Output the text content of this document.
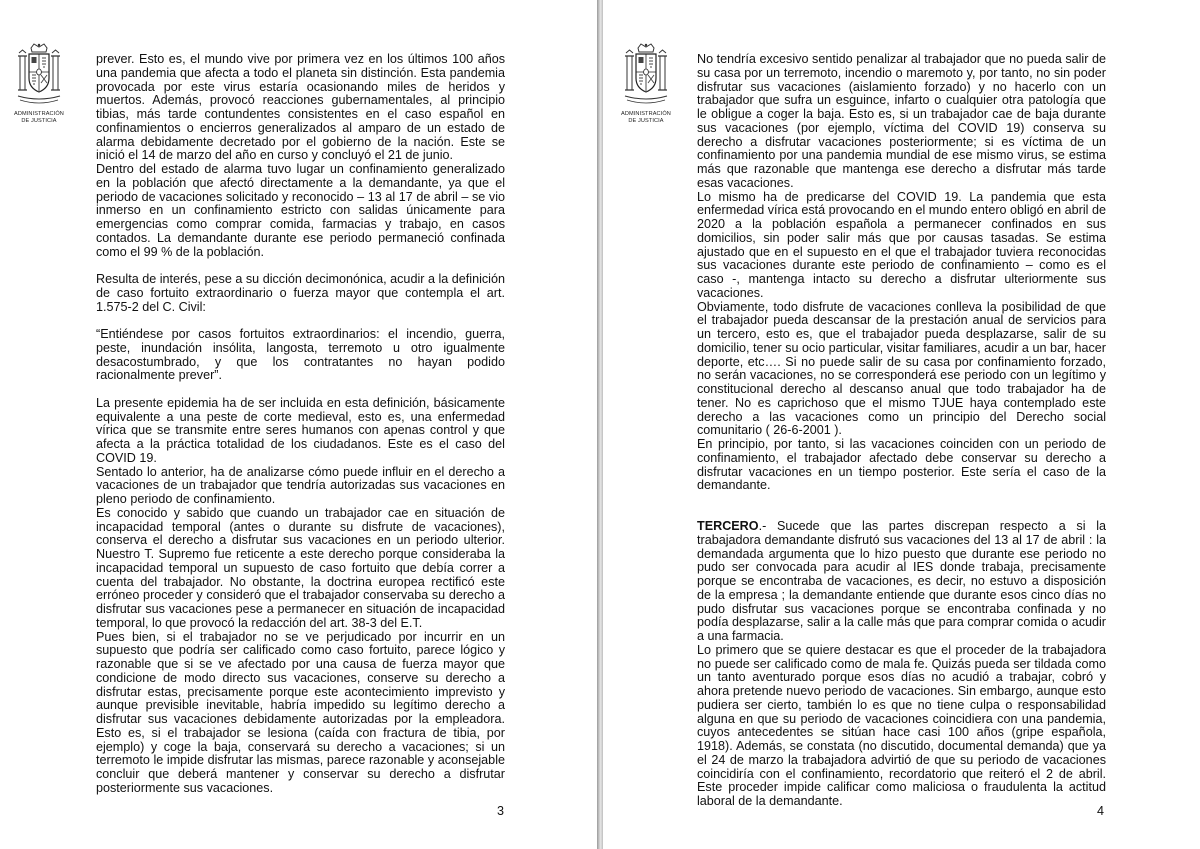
ADMINISTRACIÓN
DE JUSTICIA

prever. Esto es, el mundo vive por primera vez en los últimos 100 años una pandemia que afecta a todo el planeta sin distinción. Esta pandemia provocada por este virus estaría ocasionando miles de heridos y muertos. Además, provocó reacciones gubernamentales, al principio tibias, más tarde contundentes consistentes en el caso español en confinamientos o encierros generalizados al amparo de un estado de alarma debidamente decretado por el gobierno de la nación. Este se inició el 14 de marzo del año en curso y concluyó el 21 de junio.

Dentro del estado de alarma tuvo lugar un confinamiento generalizado en la población que afectó directamente a la demandante, ya que el periodo de vacaciones solicitado y reconocido – 13 al 17 de abril – se vio inmerso en un confinamiento estricto con salidas únicamente para emergencias como comprar comida, farmacias y trabajo, en casos contados. La demandante durante ese periodo permaneció confinada como el 99 % de la población.

Resulta de interés, pese a su dicción decimonónica, acudir a la definición de caso fortuito extraordinario o fuerza mayor que contempla el art. 1.575-2 del C. Civil:

“Entiéndese por casos fortuitos extraordinarios: el incendio, guerra, peste, inundación insólita, langosta, terremoto u otro igualmente desacostumbrado, y que los contratantes no hayan podido racionalmente prever”.

La presente epidemia ha de ser incluida en esta definición, básicamente equivalente a una peste de corte medieval, esto es, una enfermedad vírica que se transmite entre seres humanos con apenas control y que afecta a la práctica totalidad de los ciudadanos. Este es el caso del COVID 19.

Sentado lo anterior, ha de analizarse cómo puede influir en el derecho a vacaciones de un trabajador que tendría autorizadas sus vacaciones en pleno periodo de confinamiento.

Es conocido y sabido que cuando un trabajador cae en situación de incapacidad temporal (antes o durante su disfrute de vacaciones), conserva el derecho a disfrutar sus vacaciones en un periodo ulterior. Nuestro T. Supremo fue reticente a este derecho porque consideraba la incapacidad temporal un supuesto de caso fortuito que debía correr a cuenta del trabajador. No obstante, la doctrina europea rectificó este erróneo proceder y consideró que el trabajador conservaba su derecho a disfrutar sus vacaciones pese a permanecer en situación de incapacidad temporal, lo que provocó la redacción del art. 38-3 del E.T.

Pues bien, si el trabajador no se ve perjudicado por incurrir en un supuesto que podría ser calificado como caso fortuito, parece lógico y razonable que si se ve afectado por una causa de fuerza mayor que condicione de modo directo sus vacaciones, conserve su derecho a disfrutar estas, precisamente porque este acontecimiento imprevisto y aunque previsible inevitable, habría impedido su legítimo derecho a disfrutar sus vacaciones debidamente autorizadas por la empleadora. Esto es, si el trabajador se lesiona (caída con fractura de tibia, por ejemplo) y coge la baja, conservará su derecho a vacaciones; si un terremoto le impide disfrutar las mismas, parece razonable y aconsejable concluir que deberá mantener y conservar su derecho a disfrutar posteriormente sus vacaciones.

3
ADMINISTRACIÓN
DE JUSTICIA

No tendría excesivo sentido penalizar al trabajador que no pueda salir de su casa por un terremoto, incendio o maremoto y, por tanto, no sin poder disfrutar sus vacaciones (aislamiento forzado) y no hacerlo con un trabajador que sufra un esguince, infarto o cualquier otra patología que le obligue a coger la baja. Esto es, si un trabajador cae de baja durante sus vacaciones (por ejemplo, víctima del COVID 19) conserva su derecho a disfrutar vacaciones posteriormente; si es víctima de un confinamiento por una pandemia mundial de ese mismo virus, se estima más que razonable que mantenga ese derecho a disfrutar más tarde esas vacaciones.

Lo mismo ha de predicarse del COVID 19. La pandemia que esta enfermedad vírica está provocando en el mundo entero obligó en abril de 2020 a la población española a permanecer confinados en sus domicilios, sin poder salir más que por causas tasadas. Se estima ajustado que en el supuesto en el que el trabajador tuviera reconocidas sus vacaciones durante este periodo de confinamiento – como es el caso -, mantenga intacto su derecho a disfrutar ulteriormente sus vacaciones.

Obviamente, todo disfrute de vacaciones conlleva la posibilidad de que el trabajador pueda descansar de la prestación anual de servicios para un tercero, esto es, que el trabajador pueda desplazarse, salir de su domicilio, tener su ocio particular, visitar familiares, acudir a un bar, hacer deporte, etc…. Si no puede salir de su casa por confinamiento forzado, no serán vacaciones, no se corresponderá ese periodo con un legítimo y constitucional derecho al descanso anual que todo trabajador ha de tener. No es caprichoso que el mismo TJUE haya contemplado este derecho a las vacaciones como un principio del Derecho social comunitario ( 26-6-2001 ).

En principio, por tanto, si las vacaciones coinciden con un periodo de confinamiento, el trabajador afectado debe conservar su derecho a disfrutar vacaciones en un tiempo posterior. Este sería el caso de la demandante.

TERCERO.- Sucede que las partes discrepan respecto a si la trabajadora demandante disfrutó sus vacaciones del 13 al 17 de abril : la demandada argumenta que lo hizo puesto que durante ese periodo no pudo ser convocada para acudir al IES donde trabaja, precisamente porque se encontraba de vacaciones, es decir, no estuvo a disposición de la empresa ; la demandante entiende que durante esos cinco días no pudo disfrutar sus vacaciones porque se encontraba confinada y no podía desplazarse, salir a la calle más que para comprar comida o acudir a una farmacia.

Lo primero que se quiere destacar es que el proceder de la trabajadora no puede ser calificado como de mala fe. Quizás pueda ser tildada como un tanto aventurado porque esos días no acudió a trabajar, cobró y ahora pretende nuevo periodo de vacaciones. Sin embargo, aunque esto pudiera ser cierto, también lo es que no tiene culpa o responsabilidad alguna en que su periodo de vacaciones coincidiera con una pandemia, cuyos antecedentes se sitúan hace casi 100 años (gripe española, 1918). Además, se constata (no discutido, documental demanda) que ya el 24 de marzo la trabajadora advirtió de que su periodo de vacaciones coincidiría con el confinamiento, recordatorio que reiteró el 2 de abril. Este proceder impide calificar como maliciosa o fraudulenta la actitud laboral de la demandante.

4
